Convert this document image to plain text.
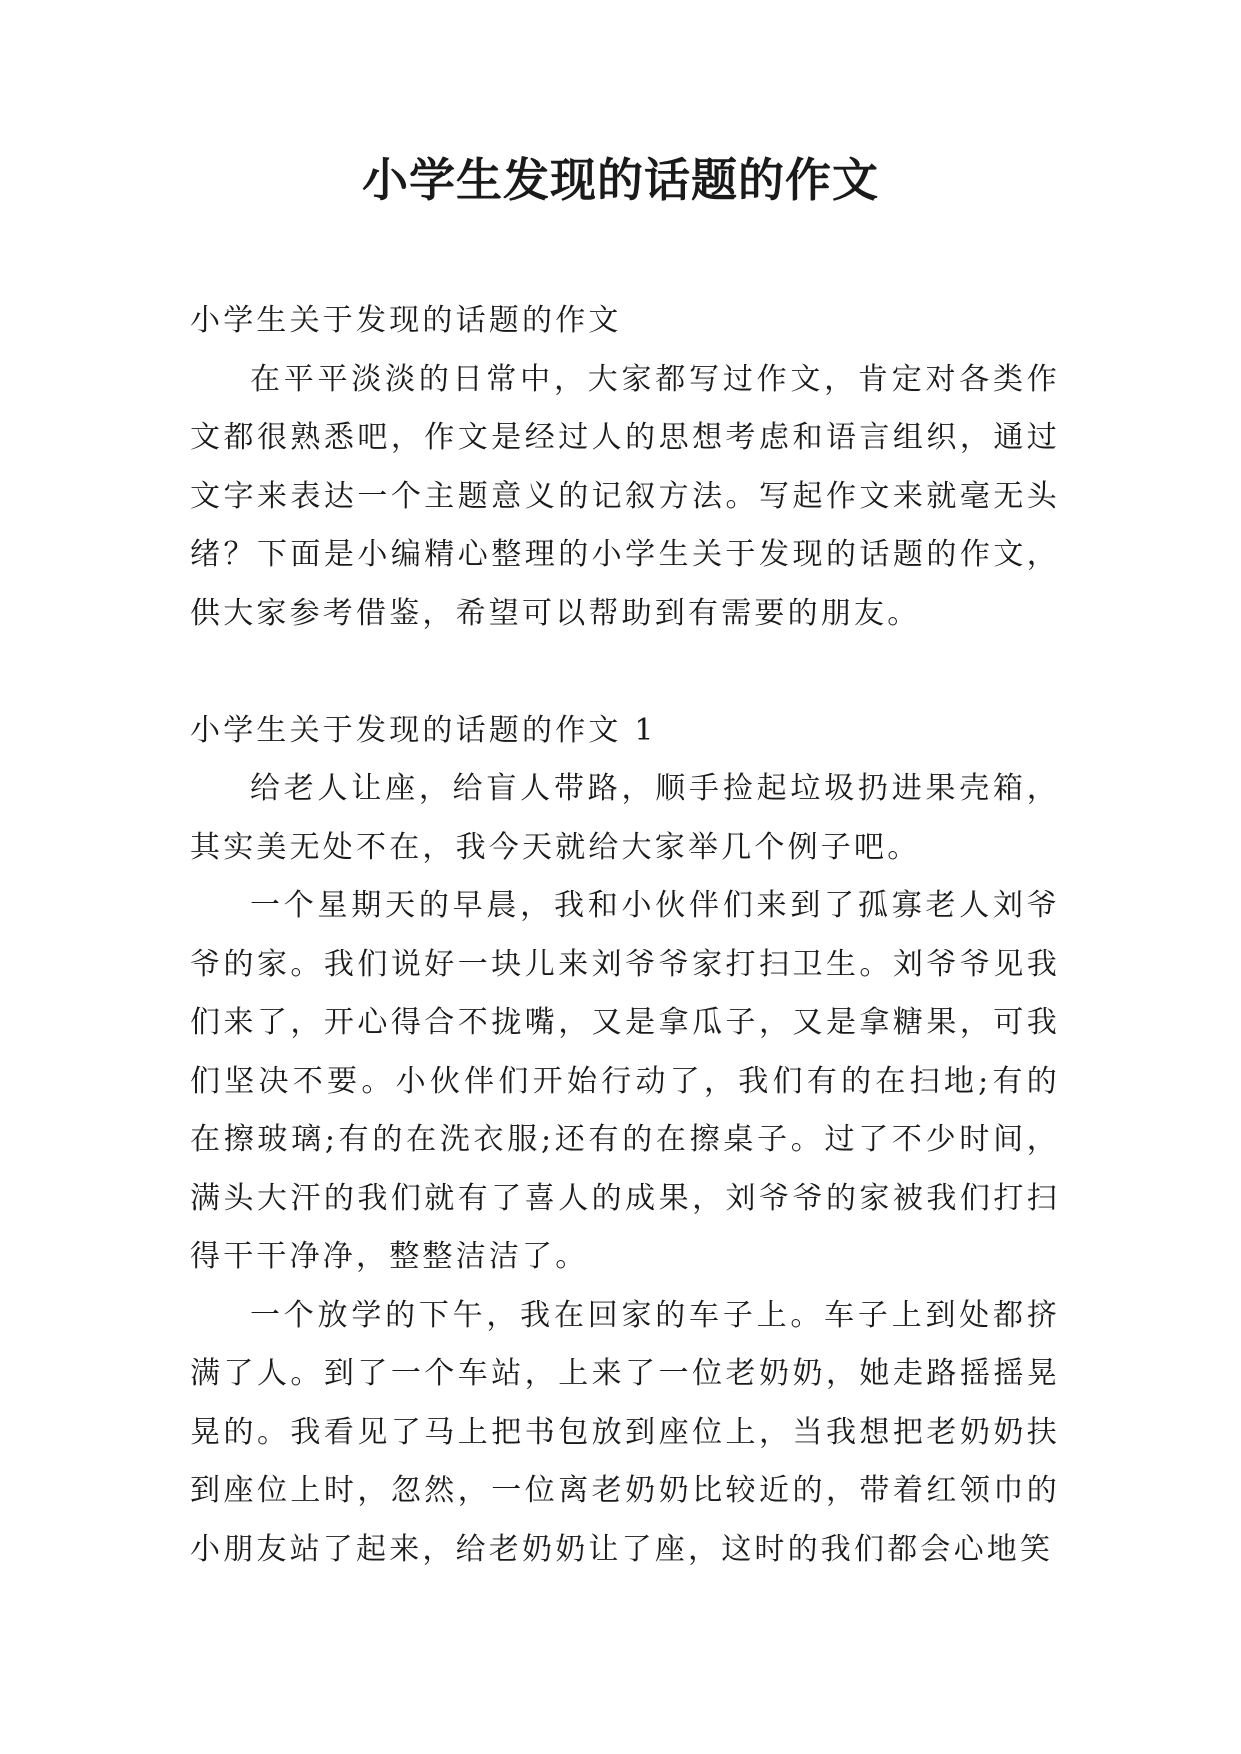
小学生发现的话题的作文

小学生关于发现的话题的作文

在平平淡淡的日常中，大家都写过作文，肯定对各类作文都很熟悉吧，作文是经过人的思想考虑和语言组织，通过文字来表达一个主题意义的记叙方法。写起作文来就毫无头绪？下面是小编精心整理的小学生关于发现的话题的作文，供大家参考借鉴，希望可以帮助到有需要的朋友。

小学生关于发现的话题的作文 1

给老人让座，给盲人带路，顺手捡起垃圾扔进果壳箱，其实美无处不在，我今天就给大家举几个例子吧。

一个星期天的早晨，我和小伙伴们来到了孤寡老人刘爷爷的家。我们说好一块儿来刘爷爷家打扫卫生。刘爷爷见我们来了，开心得合不拢嘴，又是拿瓜子，又是拿糖果，可我们坚决不要。小伙伴们开始行动了，我们有的在扫地;有的在擦玻璃;有的在洗衣服;还有的在擦桌子。过了不少时间，满头大汗的我们就有了喜人的成果，刘爷爷的家被我们打扫得干干净净，整整洁洁了。

一个放学的下午，我在回家的车子上。车子上到处都挤满了人。到了一个车站，上来了一位老奶奶，她走路摇摇晃晃的。我看见了马上把书包放到座位上，当我想把老奶奶扶到座位上时，忽然，一位离老奶奶比较近的，带着红领巾的小朋友站了起来，给老奶奶让了座，这时的我们都会心地笑
